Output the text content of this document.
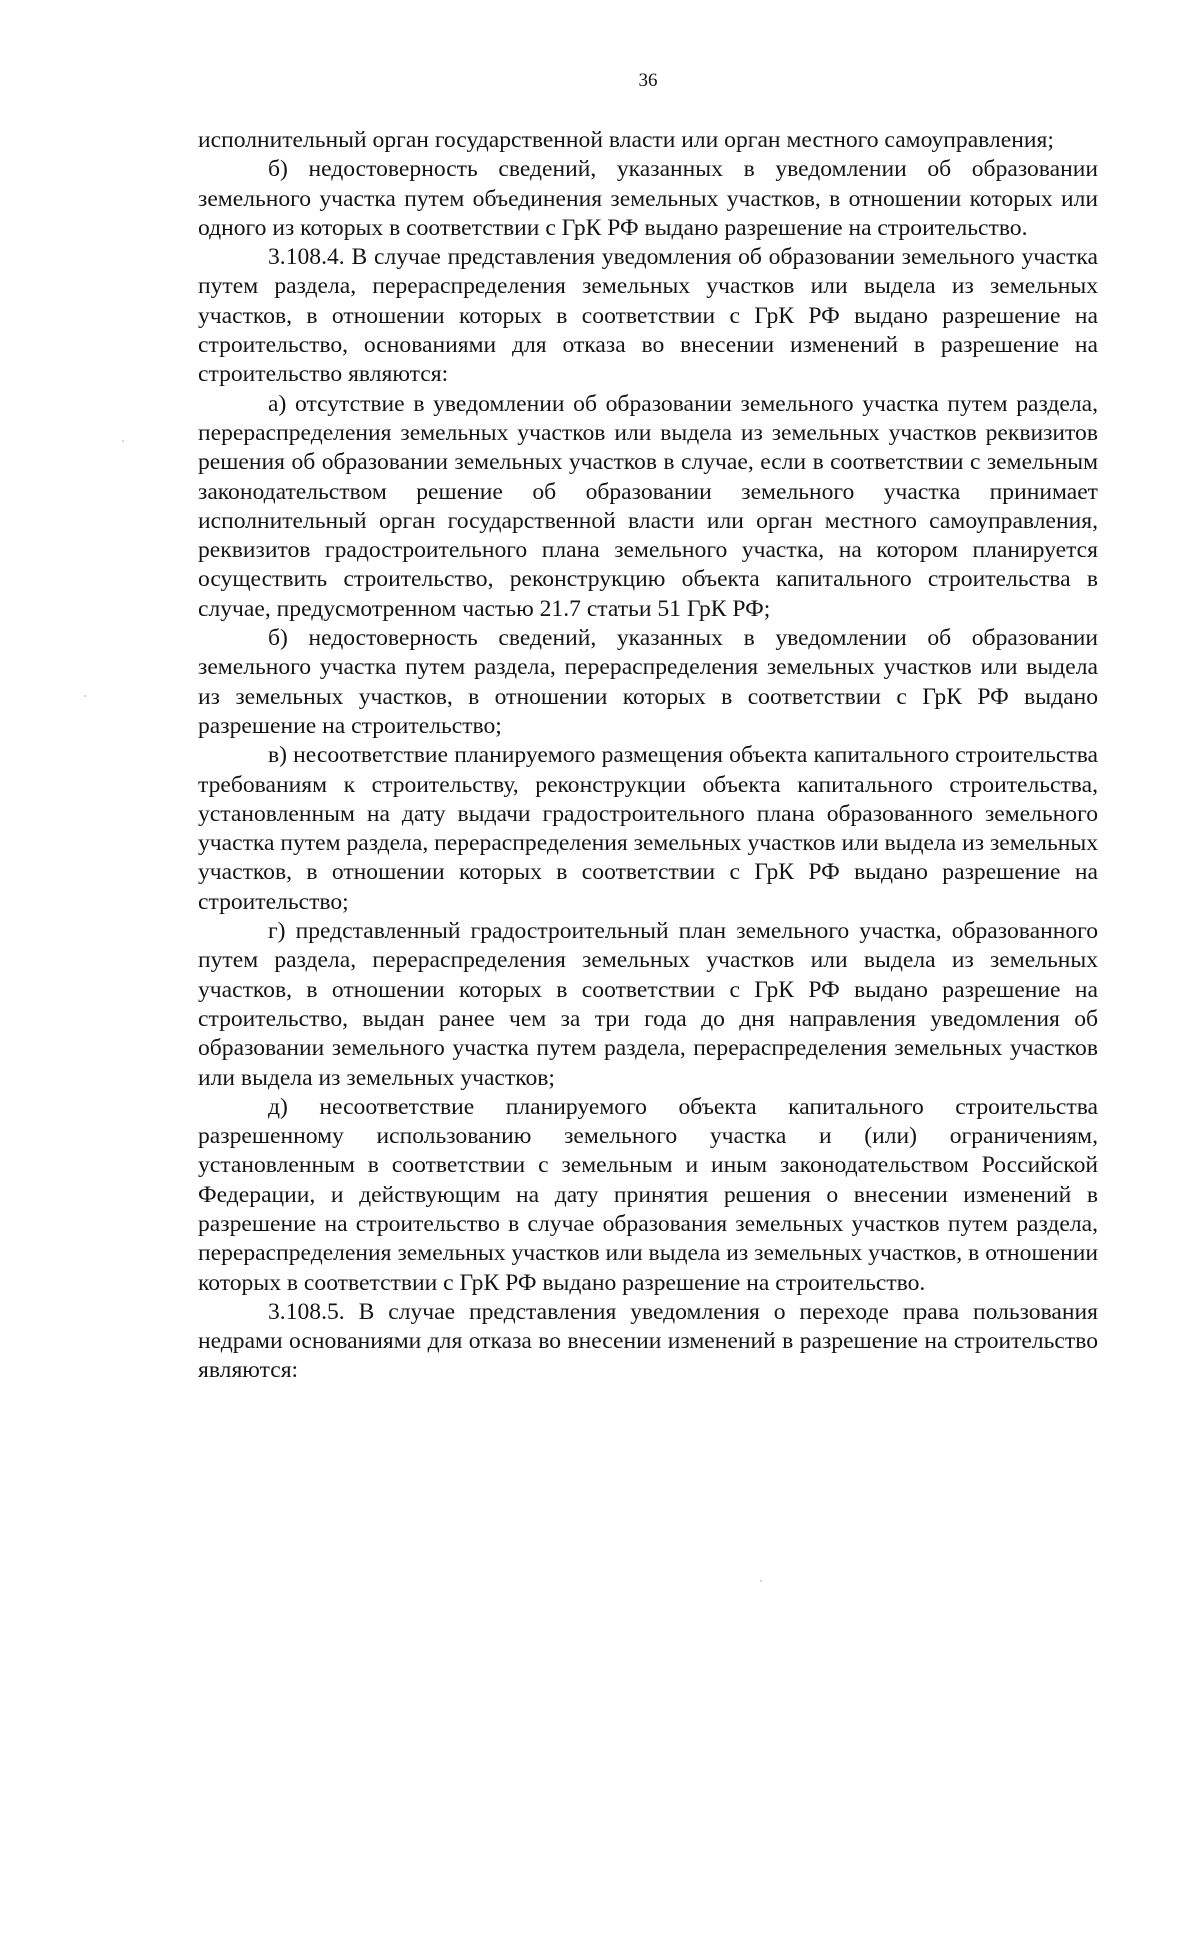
36

исполнительный орган государственной власти или орган местного самоуправления;

б) недостоверность сведений, указанных в уведомлении об образовании земельного участка путем объединения земельных участков, в отношении которых или одного из которых в соответствии с ГрК РФ выдано разрешение на строительство.

3.108.4. В случае представления уведомления об образовании земельного участка путем раздела, перераспределения земельных участков или выдела из земельных участков, в отношении которых в соответствии с ГрК РФ выдано разрешение на строительство, основаниями для отказа во внесении изменений в разрешение на строительство являются:

а) отсутствие в уведомлении об образовании земельного участка путем раздела, перераспределения земельных участков или выдела из земельных участков реквизитов решения об образовании земельных участков в случае, если в соответствии с земельным законодательством решение об образовании земельного участка принимает исполнительный орган государственной власти или орган местного самоуправления, реквизитов градостроительного плана земельного участка, на котором планируется осуществить строительство, реконструкцию объекта капитального строительства в случае, предусмотренном частью 21.7 статьи 51 ГрК РФ;

б) недостоверность сведений, указанных в уведомлении об образовании земельного участка путем раздела, перераспределения земельных участков или выдела из земельных участков, в отношении которых в соответствии с ГрК РФ выдано разрешение на строительство;

в) несоответствие планируемого размещения объекта капитального строительства требованиям к строительству, реконструкции объекта капитального строительства, установленным на дату выдачи градостроительного плана образованного земельного участка путем раздела, перераспределения земельных участков или выдела из земельных участков, в отношении которых в соответствии с ГрК РФ выдано разрешение на строительство;

г) представленный градостроительный план земельного участка, образованного путем раздела, перераспределения земельных участков или выдела из земельных участков, в отношении которых в соответствии с ГрК РФ выдано разрешение на строительство, выдан ранее чем за три года до дня направления уведомления об образовании земельного участка путем раздела, перераспределения земельных участков или выдела из земельных участков;

д) несоответствие планируемого объекта капитального строительства разрешенному использованию земельного участка и (или) ограничениям, установленным в соответствии с земельным и иным законодательством Российской Федерации, и действующим на дату принятия решения о внесении изменений в разрешение на строительство в случае образования земельных участков путем раздела, перераспределения земельных участков или выдела из земельных участков, в отношении которых в соответствии с ГрК РФ выдано разрешение на строительство.

3.108.5. В случае представления уведомления о переходе права пользования недрами основаниями для отказа во внесении изменений в разрешение на строительство являются:
